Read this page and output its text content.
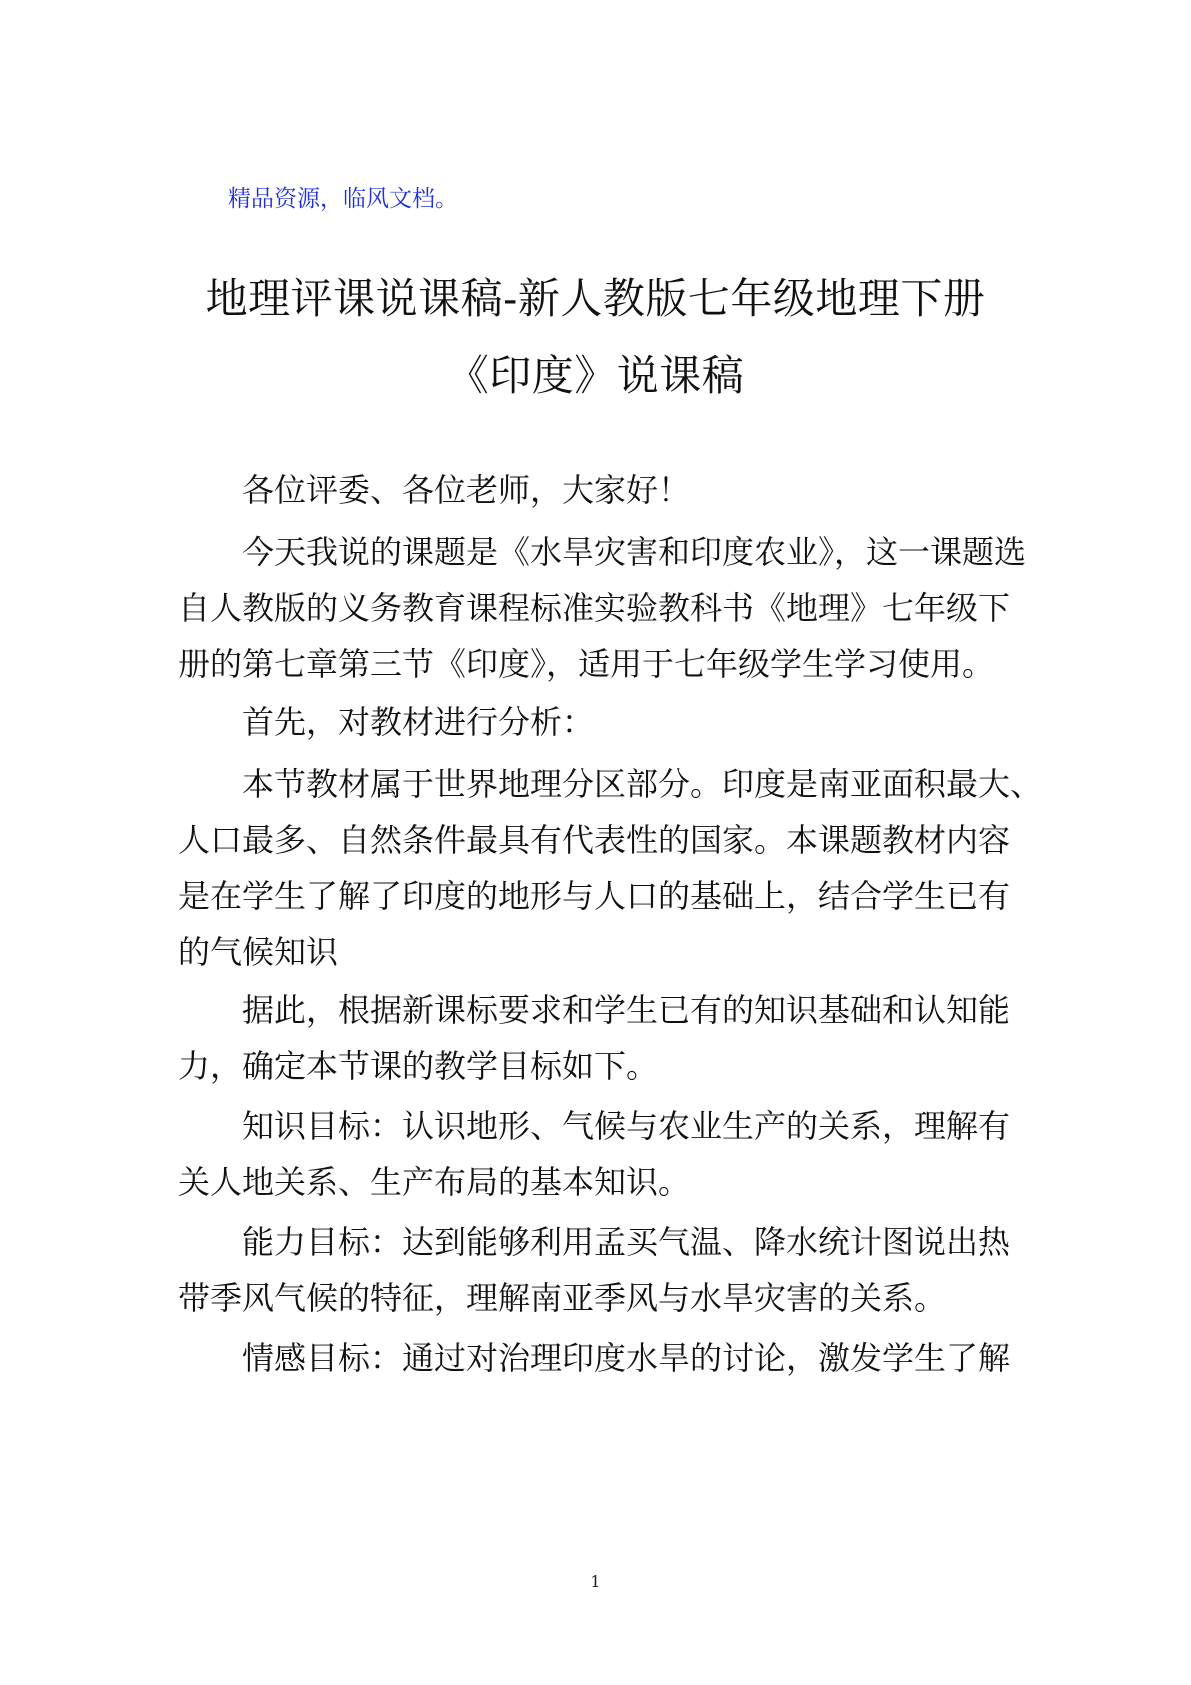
精品资源，临风文档。
地理评课说课稿-新人教版七年级地理下册
《印度》说课稿
各位评委、各位老师，大家好！
今天我说的课题是《水旱灾害和印度农业》，这一课题选
自人教版的义务教育课程标准实验教科书《地理》七年级下
册的第七章第三节《印度》，适用于七年级学生学习使用。
首先，对教材进行分析：
本节教材属于世界地理分区部分。印度是南亚面积最大、
人口最多、自然条件最具有代表性的国家。本课题教材内容
是在学生了解了印度的地形与人口的基础上，结合学生已有
的气候知识
据此，根据新课标要求和学生已有的知识基础和认知能
力，确定本节课的教学目标如下。
知识目标：认识地形、气候与农业生产的关系，理解有
关人地关系、生产布局的基本知识。
能力目标：达到能够利用孟买气温、降水统计图说出热
带季风气候的特征，理解南亚季风与水旱灾害的关系。
情感目标：通过对治理印度水旱的讨论，激发学生了解
1
